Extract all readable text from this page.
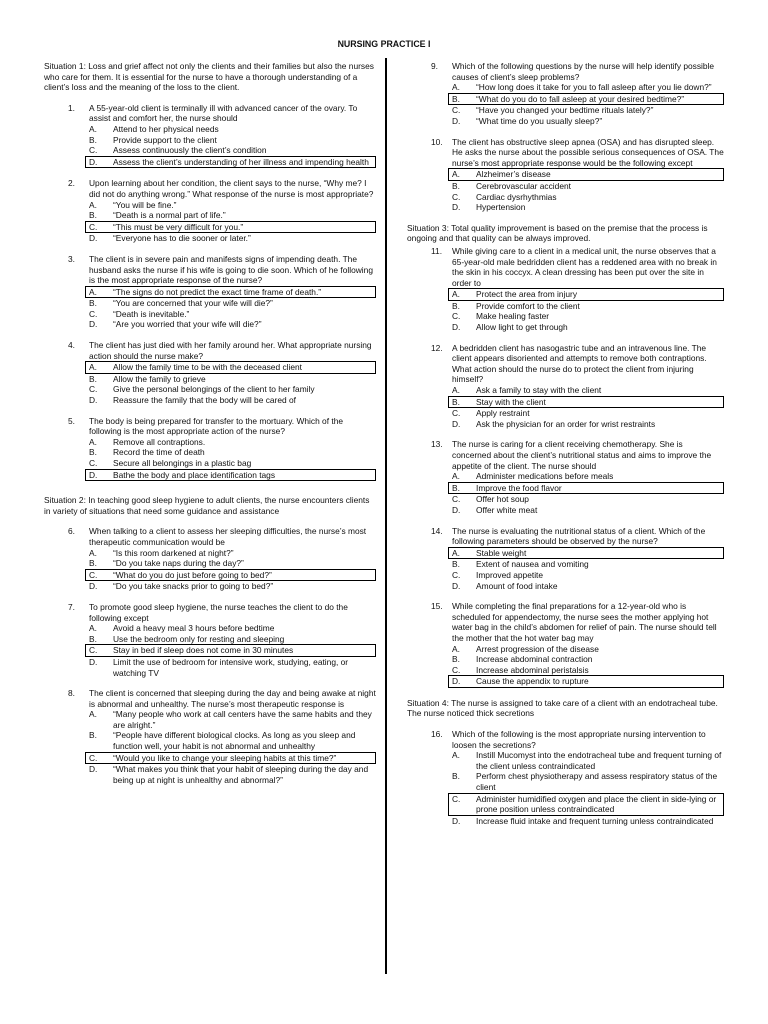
NURSING PRACTICE I

Situation 1: Loss and grief affect not only the clients and their families but also the nurses who care for them. It is essential for the nurse to have a thorough understanding of a client’s loss and the meaning of the loss to the client.

1. A 55-year-old client is terminally ill with advanced cancer of the ovary. To assist and comfort her, the nurse should
A. Attend to her physical needs
B. Provide support to the client
C. Assess continuously the client’s condition
D. Assess the client’s understanding of her illness and impending health
2. Upon learning about her condition, the client says to the nurse, “Why me? I did not do anything wrong.” What response of the nurse is most appropriate?
A. “You will be fine.”
B. “Death is a normal part of life.”
C. “This must be very difficult for you.”
D. “Everyone has to die sooner or later.”
3. The client is in severe pain and manifests signs of impending death. The husband asks the nurse if his wife is going to die soon. Which of he following is the most appropriate response of the nurse?
A. “The signs do not predict the exact time frame of death.”
B. “You are concerned that your wife will die?”
C. “Death is inevitable.”
D. “Are you worried that your wife will die?”
4. The client has just died with her family around her. What appropriate nursing action should the nurse make?
A. Allow the family time to be with the deceased client
B. Allow the family to grieve
C. Give the personal belongings of the client to her family
D. Reassure the family that the body will be cared of
5. The body is being prepared for transfer to the mortuary. Which of the following is the most appropriate action of the nurse?
A. Remove all contraptions.
B. Record the time of death
C. Secure all belongings in a plastic bag
D. Bathe the body and place identification tags

Situation 2: In teaching good sleep hygiene to adult clients, the nurse encounters clients in variety of situations that need some guidance and assistance

6. When talking to a client to assess her sleeping difficulties, the nurse’s most therapeutic communication would be
A. “Is this room darkened at night?”
B. “Do you take naps during the day?”
C. “What do you do just before going to bed?”
D. “Do you take snacks prior to going to bed?”
7. To promote good sleep hygiene, the nurse teaches the client to do the following except
A. Avoid a heavy meal 3 hours before bedtime
B. Use the bedroom only for resting and sleeping
C. Stay in bed if sleep does not come in 30 minutes
D. Limit the use of bedroom for intensive work, studying, eating, or watching TV
8. The client is concerned that sleeping during the day and being awake at night is abnormal and unhealthy. The nurse’s most therapeutic response is
A. “Many people who work at call centers have the same habits and they are alright.”
B. “People have different biological clocks. As long as you sleep and function well, your habit is not abnormal and unhealthy
C. “Would you like to change your sleeping habits at this time?”
D. “What makes you think that your habit of sleeping during the day and being up at night is unhealthy and abnormal?”
9. Which of the following questions by the nurse will help identify possible causes of client’s sleep problems?
A. “How long does it take for you to fall asleep after you lie down?”
B. “What do you do to fall asleep at your desired bedtime?”
C. “Have you changed your bedtime rituals lately?”
D. “What time do you usually sleep?”
10. The client has obstructive sleep apnea (OSA) and has disrupted sleep. He asks the nurse about the possible serious consequences of OSA. The nurse’s most appropriate response would be the following except
A. Alzheimer’s disease
B. Cerebrovascular accident
C. Cardiac dysrhythmias
D. Hypertension

Situation 3: Total quality improvement is based on the premise that the process is ongoing and that quality can be always improved.

11. While giving care to a client in a medical unit, the nurse observes that a 65-year-old male bedridden client has a reddened area with no break in the skin in his coccyx. A clean dressing has been put over the site in order to
A. Protect the area from injury
B. Provide comfort to the client
C. Make healing faster
D. Allow light to get through
12. A bedridden client has nasogastric tube and an intravenous line. The client appears disoriented and attempts to remove both contraptions. What action should the nurse do to protect the client from injuring himself?
A. Ask a family to stay with the client
B. Stay with the client
C. Apply restraint
D. Ask the physician for an order for wrist restraints
13. The nurse is caring for a client receiving chemotherapy. She is concerned about the client’s nutritional status and aims to improve the appetite of the client. The nurse should
A. Administer medications before meals
B. Improve the food flavor
C. Offer hot soup
D. Offer white meat
14. The nurse is evaluating the nutritional status of a client. Which of the following parameters should be observed by the nurse?
A. Stable weight
B. Extent of nausea and vomiting
C. Improved appetite
D. Amount of food intake
15. While completing the final preparations for a 12-year-old who is scheduled for appendectomy, the nurse sees the mother applying hot water bag in the child’s abdomen for relief of pain. The nurse should tell the mother that the hot water bag may
A. Arrest progression of the disease
B. Increase abdominal contraction
C. Increase abdominal peristalsis
D. Cause the appendix to rupture

Situation 4: The nurse is assigned to take care of a client with an endotracheal tube. The nurse noticed thick secretions

16. Which of the following is the most appropriate nursing intervention to loosen the secretions?
A. Instill Mucomyst into the endotracheal tube and frequent turning of the client unless contraindicated
B. Perform chest physiotherapy and assess respiratory status of the client
C. Administer humidified oxygen and place the client in side-lying or prone position unless contraindicated
D. Increase fluid intake and frequent turning unless contraindicated
